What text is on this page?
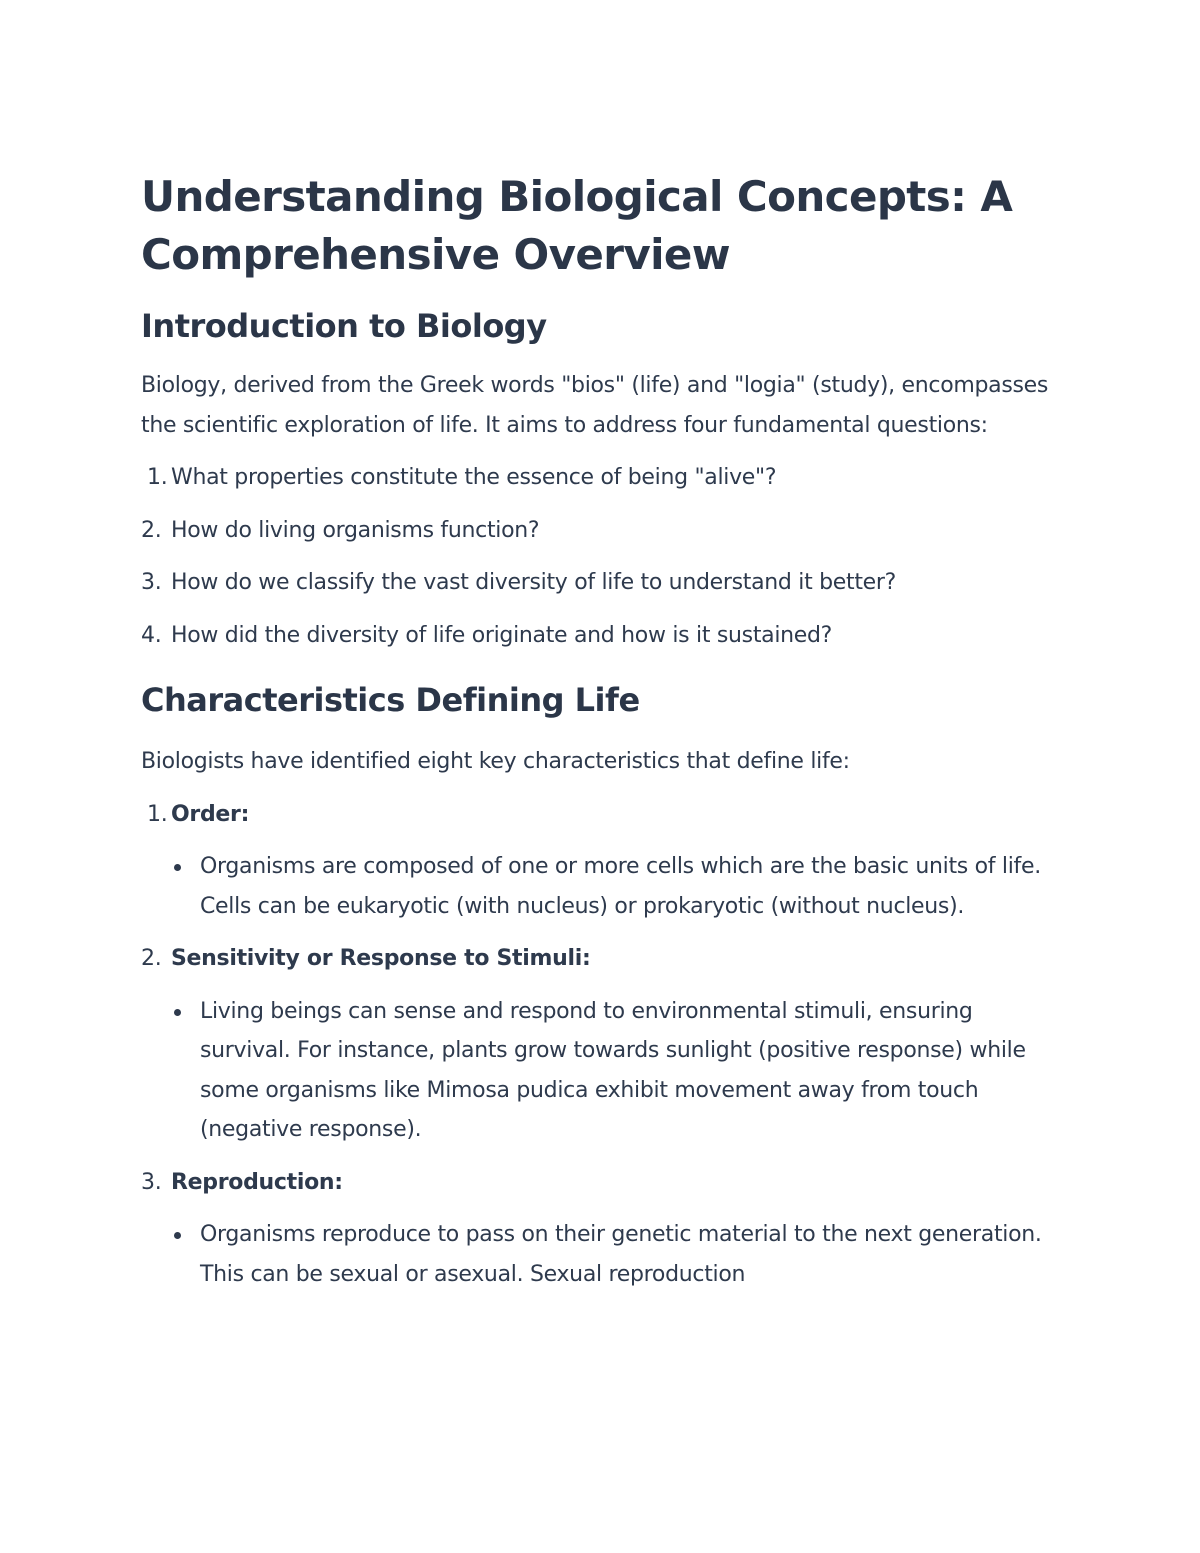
Understanding Biological Concepts: A Comprehensive Overview
Introduction to Biology

Biology, derived from the Greek words "bios" (life) and "logia" (study), encompasses the scientific exploration of life. It aims to address four fundamental questions:

1. What properties constitute the essence of being "alive"?
2. How do living organisms function?
3. How do we classify the vast diversity of life to understand it better?
4. How did the diversity of life originate and how is it sustained?
Characteristics Defining Life

Biologists have identified eight key characteristics that define life:

1. Order:
Organisms are composed of one or more cells which are the basic units of life. Cells can be eukaryotic (with nucleus) or prokaryotic (without nucleus).
2. Sensitivity or Response to Stimuli:
Living beings can sense and respond to environmental stimuli, ensuring survival. For instance, plants grow towards sunlight (positive response) while some organisms like Mimosa pudica exhibit movement away from touch (negative response).
3. Reproduction:
Organisms reproduce to pass on their genetic material to the next generation. This can be sexual or asexual. Sexual reproduction
